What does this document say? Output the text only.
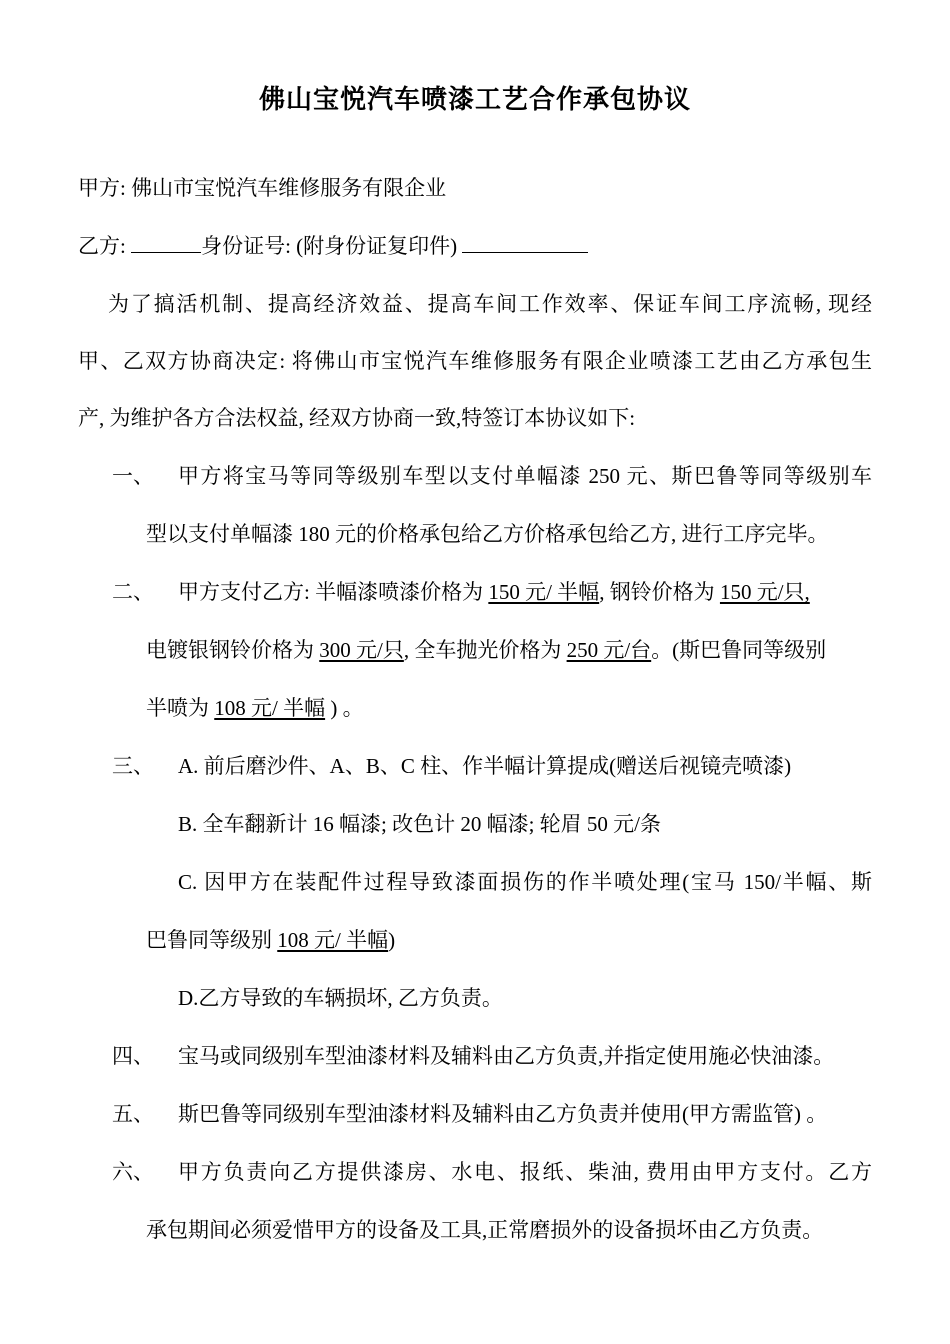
佛山宝悦汽车喷漆工艺合作承包协议
甲方: 佛山市宝悦汽车维修服务有限企业
乙方:	身份证号: (附身份证复印件)
为了搞活机制、提高经济效益、提高车间工作效率、保证车间工序流畅, 现经
甲、乙双方协商决定: 将佛山市宝悦汽车维修服务有限企业喷漆工艺由乙方承包生
产, 为维护各方合法权益, 经双方协商一致,特签订本协议如下:
一、 甲方将宝马等同等级别车型以支付单幅漆 250 元、斯巴鲁等同等级别车
型以支付单幅漆 180 元的价格承包给乙方价格承包给乙方, 进行工序完毕。
二、 甲方支付乙方: 半幅漆喷漆价格为 150 元/ 半幅, 钢铃价格为 150 元/只,
电镀银钢铃价格为 300 元/只, 全车抛光价格为 250 元/台。(斯巴鲁同等级别
半喷为 108 元/ 半幅 ) 。
三、 A. 前后磨沙件、A、B、C 柱、作半幅计算提成(赠送后视镜壳喷漆)
B. 全车翻新计 16 幅漆; 改色计 20 幅漆; 轮眉 50 元/条
C. 因甲方在装配件过程导致漆面损伤的作半喷处理(宝马 150/半幅、斯
巴鲁同等级别 108 元/ 半幅)
D.乙方导致的车辆损坏, 乙方负责。
四、 宝马或同级别车型油漆材料及辅料由乙方负责,并指定使用施必快油漆。
五、 斯巴鲁等同级别车型油漆材料及辅料由乙方负责并使用(甲方需监管) 。
六、 甲方负责向乙方提供漆房、水电、报纸、柴油, 费用由甲方支付。乙方
承包期间必须爱惜甲方的设备及工具,正常磨损外的设备损坏由乙方负责。
